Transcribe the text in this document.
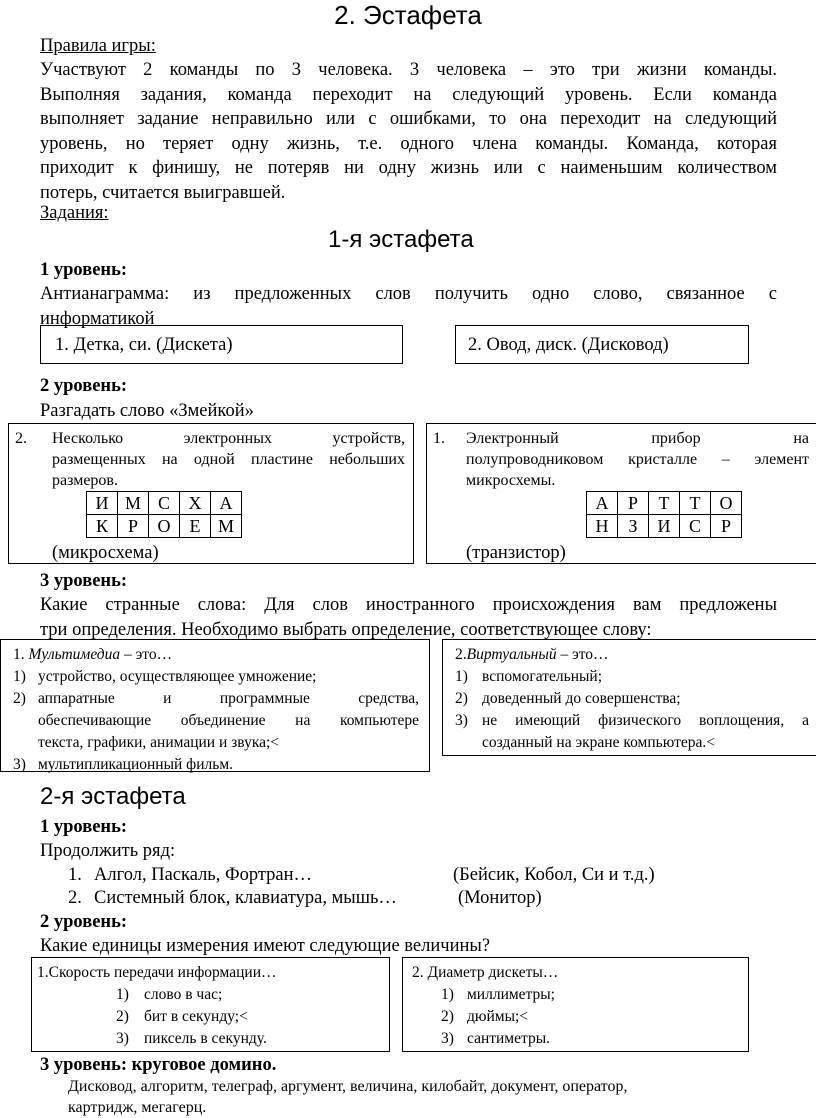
2. Эстафета
Правила игры:
Участвуют 2 команды по 3 человека. 3 человека – это три жизни команды.
Выполняя задания, команда переходит на следующий уровень. Если команда
выполняет задание неправильно или с ошибками, то она переходит на следующий
уровень, но теряет одну жизнь, т.е. одного члена команды. Команда, которая
приходит к финишу, не потеряв ни одну жизнь или с наименьшим количеством
потерь, считается выигравшей.
Задания:
1-я эстафета
1 уровень:
Антианаграмма: из предложенных слов получить одно слово, связанное с
информатикой
1. Детка, си. (Дискета)	2. Овод, диск. (Дисковод)
2 уровень:
Разгадать слово «Змейкой»
2. Несколько электронных устройств,
размещенных на одной пластине небольших
размеров.
И	М	С	Х	А
К	Р	О	Е	М
(микросхема)
1. Электронный прибор на
полупроводниковом кристалле – элемент
микросхемы.
А	Р	Т	Т	О
Н	З	И	С	Р
(транзистор)
3 уровень:
Какие странные слова: Для слов иностранного происхождения вам предложены
три определения. Необходимо выбрать определение, соответствующее слову:
1. Мультимедиа – это…
1) устройство, осуществляющее умножение;
2) аппаратные и программные средства,
обеспечивающие объединение на компьютере
текста, графики, анимации и звука;<
3) мультипликационный фильм.
2.Виртуальный – это…
1) вспомогательный;
2) доведенный до совершенства;
3) не имеющий физического воплощения, а
созданный на экране компьютера.<
2-я эстафета
1 уровень:
Продолжить ряд:
1. Алгол, Паскаль, Фортран…	(Бейсик, Кобол, Си и т.д.)
2. Системный блок, клавиатура, мышь…	(Монитор)
2 уровень:
Какие единицы измерения имеют следующие величины?
1.Скорость передачи информации…
1) слово в час;
2) бит в секунду;<
3) пиксель в секунду.
2. Диаметр дискеты…
1) миллиметры;
2) дюймы;<
3) сантиметры.
3 уровень: круговое домино.
Дисковод, алгоритм, телеграф, аргумент, величина, килобайт, документ, оператор,
картридж, мегагерц.
